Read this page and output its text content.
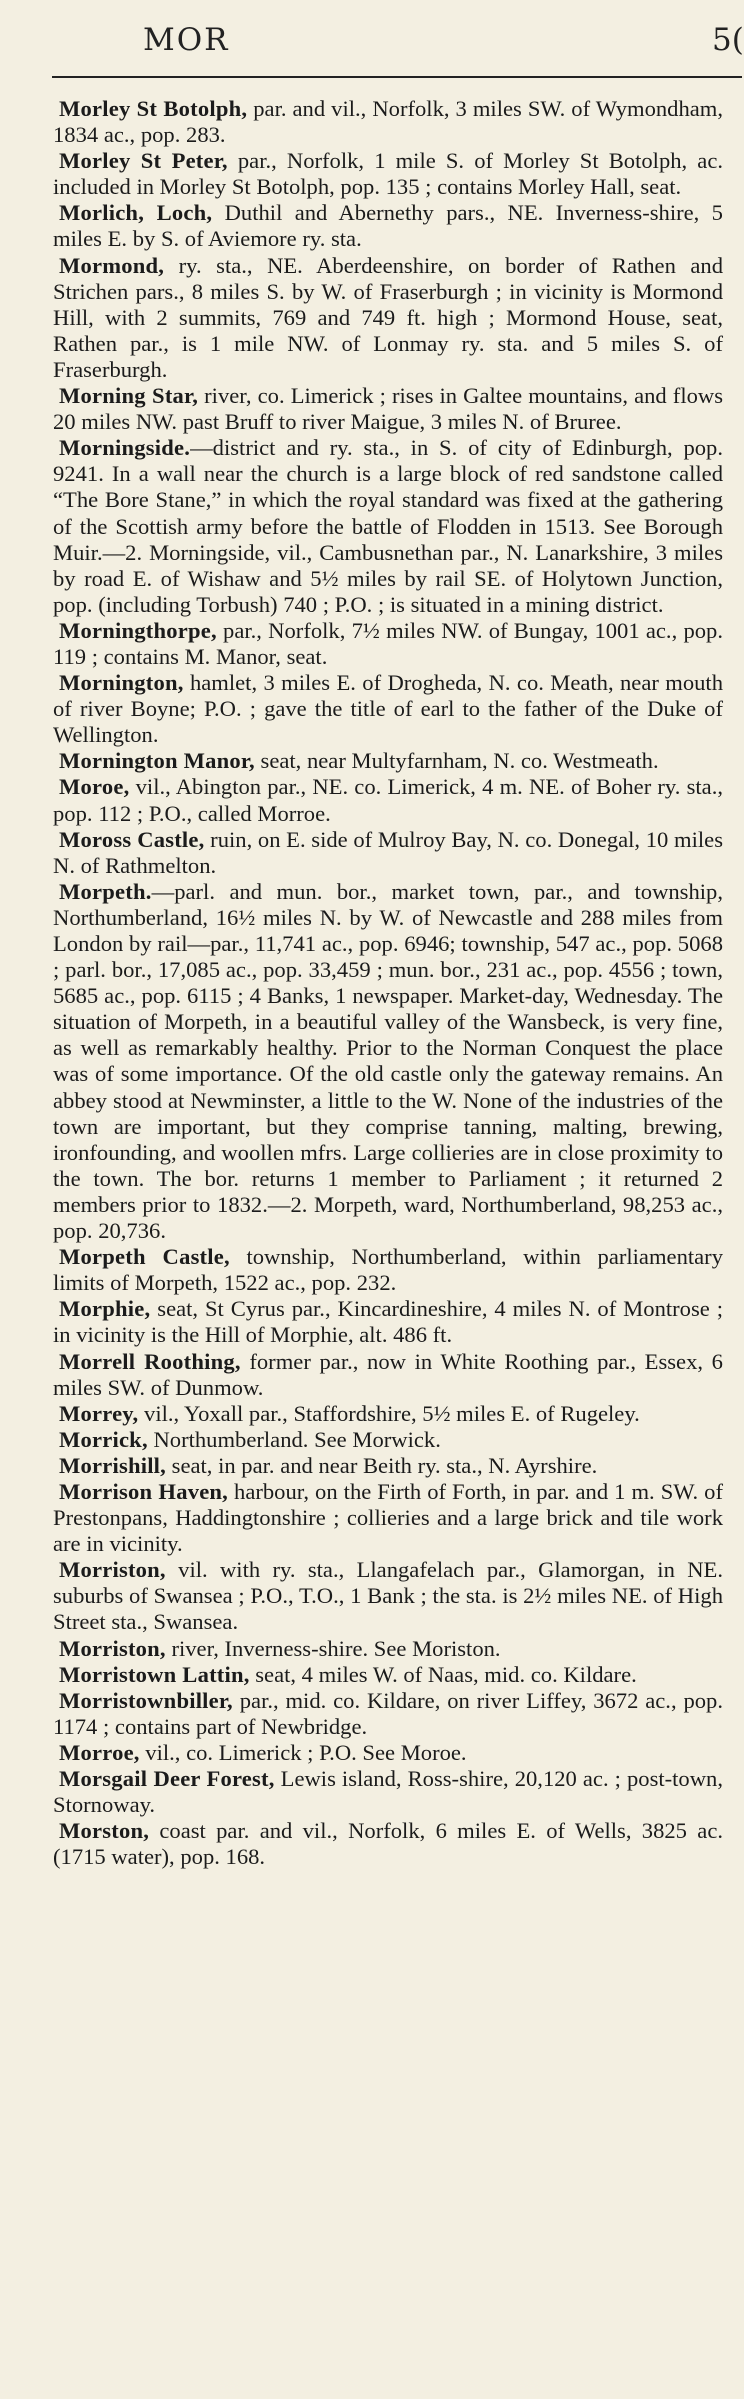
MOR	5(

Morley St Botolph, par. and vil., Norfolk, 3 miles SW. of Wymondham, 1834 ac., pop. 283.

Morley St Peter, par., Norfolk, 1 mile S. of Morley St Botolph, ac. included in Morley St Botolph, pop. 135 ; contains Morley Hall, seat.

Morlich, Loch, Duthil and Abernethy pars., NE. Inverness-shire, 5 miles E. by S. of Aviemore ry. sta.

Mormond, ry. sta., NE. Aberdeenshire, on border of Rathen and Strichen pars., 8 miles S. by W. of Fraserburgh ; in vicinity is Mormond Hill, with 2 summits, 769 and 749 ft. high ; Mormond House, seat, Rathen par., is 1 mile NW. of Lonmay ry. sta. and 5 miles S. of Fraserburgh.

Morning Star, river, co. Limerick ; rises in Galtee mountains, and flows 20 miles NW. past Bruff to river Maigue, 3 miles N. of Bruree.

Morningside.—district and ry. sta., in S. of city of Edinburgh, pop. 9241. In a wall near the church is a large block of red sandstone called “The Bore Stane,” in which the royal standard was fixed at the gathering of the Scottish army before the battle of Flodden in 1513. See Borough Muir.—2. Morningside, vil., Cambusnethan par., N. Lanarkshire, 3 miles by road E. of Wishaw and 5½ miles by rail SE. of Holytown Junction, pop. (including Torbush) 740 ; P.O. ; is situated in a mining district.

Morningthorpe, par., Norfolk, 7½ miles NW. of Bungay, 1001 ac., pop. 119 ; contains M. Manor, seat.

Mornington, hamlet, 3 miles E. of Drogheda, N. co. Meath, near mouth of river Boyne; P.O. ; gave the title of earl to the father of the Duke of Wellington.

Mornington Manor, seat, near Multyfarnham, N. co. Westmeath.

Moroe, vil., Abington par., NE. co. Limerick, 4 m. NE. of Boher ry. sta., pop. 112 ; P.O., called Morroe.

Moross Castle, ruin, on E. side of Mulroy Bay, N. co. Donegal, 10 miles N. of Rathmelton.

Morpeth.—parl. and mun. bor., market town, par., and township, Northumberland, 16½ miles N. by W. of Newcastle and 288 miles from London by rail—par., 11,741 ac., pop. 6946; township, 547 ac., pop. 5068 ; parl. bor., 17,085 ac., pop. 33,459 ; mun. bor., 231 ac., pop. 4556 ; town, 5685 ac., pop. 6115 ; 4 Banks, 1 newspaper. Market-day, Wednesday. The situation of Morpeth, in a beautiful valley of the Wansbeck, is very fine, as well as remarkably healthy. Prior to the Norman Conquest the place was of some importance. Of the old castle only the gateway remains. An abbey stood at Newminster, a little to the W. None of the industries of the town are important, but they comprise tanning, malting, brewing, ironfounding, and woollen mfrs. Large collieries are in close proximity to the town. The bor. returns 1 member to Parliament ; it returned 2 members prior to 1832.—2. Morpeth, ward, Northumberland, 98,253 ac., pop. 20,736.

Morpeth Castle, township, Northumberland, within parliamentary limits of Morpeth, 1522 ac., pop. 232.

Morphie, seat, St Cyrus par., Kincardineshire, 4 miles N. of Montrose ; in vicinity is the Hill of Morphie, alt. 486 ft.

Morrell Roothing, former par., now in White Roothing par., Essex, 6 miles SW. of Dunmow.

Morrey, vil., Yoxall par., Staffordshire, 5½ miles E. of Rugeley.

Morrick, Northumberland. See Morwick.

Morrishill, seat, in par. and near Beith ry. sta., N. Ayrshire.

Morrison Haven, harbour, on the Firth of Forth, in par. and 1 m. SW. of Prestonpans, Haddingtonshire ; collieries and a large brick and tile work are in vicinity.

Morriston, vil. with ry. sta., Llangafelach par., Glamorgan, in NE. suburbs of Swansea ; P.O., T.O., 1 Bank ; the sta. is 2½ miles NE. of High Street sta., Swansea.

Morriston, river, Inverness-shire. See Moriston.

Morristown Lattin, seat, 4 miles W. of Naas, mid. co. Kildare.

Morristownbiller, par., mid. co. Kildare, on river Liffey, 3672 ac., pop. 1174 ; contains part of Newbridge.

Morroe, vil., co. Limerick ; P.O. See Moroe.

Morsgail Deer Forest, Lewis island, Ross-shire, 20,120 ac. ; post-town, Stornoway.

Morston, coast par. and vil., Norfolk, 6 miles E. of Wells, 3825 ac. (1715 water), pop. 168.
